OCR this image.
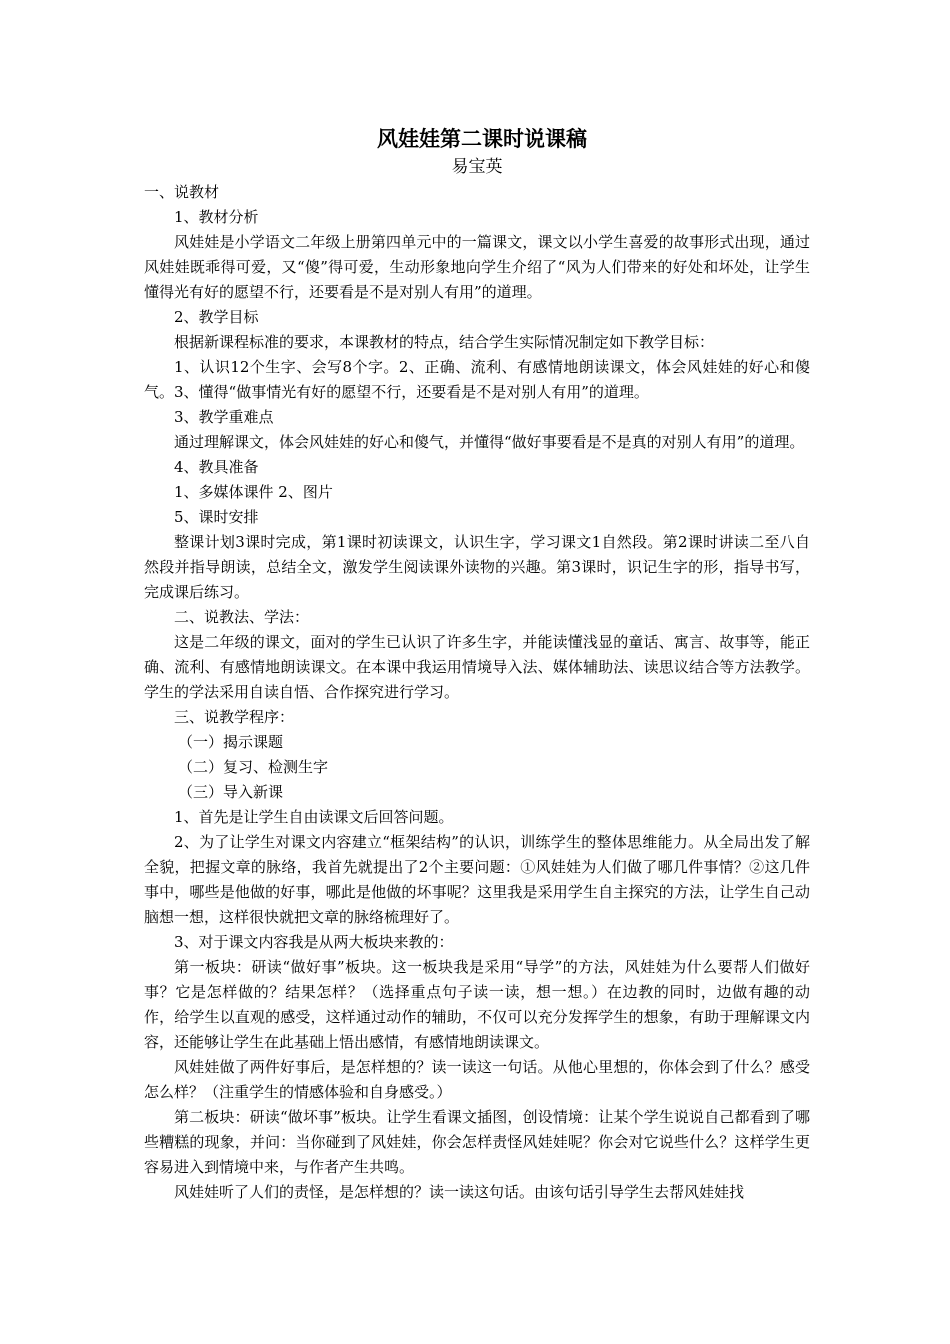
风娃娃第二课时说课稿

易宝英

一、说教材

1、教材分析

风娃娃是小学语文二年级上册第四单元中的一篇课文，课文以小学生喜爱的故事形式出现，通过风娃娃既乖得可爱，又“傻”得可爱，生动形象地向学生介绍了“风为人们带来的好处和坏处，让学生懂得光有好的愿望不行，还要看是不是对别人有用”的道理。

2、教学目标

根据新课程标准的要求，本课教材的特点，结合学生实际情况制定如下教学目标：

1、认识12个生字、会写8个字。2、正确、流利、有感情地朗读课文，体会风娃娃的好心和傻气。3、懂得“做事情光有好的愿望不行，还要看是不是对别人有用”的道理。

3、教学重难点

通过理解课文，体会风娃娃的好心和傻气，并懂得“做好事要看是不是真的对别人有用”的道理。

4、教具准备

1、多媒体课件 2、图片

5、课时安排

整课计划3课时完成，第1课时初读课文，认识生字，学习课文1自然段。第2课时讲读二至八自然段并指导朗读，总结全文，激发学生阅读课外读物的兴趣。第3课时，识记生字的形，指导书写，完成课后练习。

二、说教法、学法：

这是二年级的课文，面对的学生已认识了许多生字，并能读懂浅显的童话、寓言、故事等，能正确、流利、有感情地朗读课文。在本课中我运用情境导入法、媒体辅助法、读思议结合等方法教学。学生的学法采用自读自悟、合作探究进行学习。

三、说教学程序：

（一）揭示课题

（二）复习、检测生字

（三）导入新课

1、首先是让学生自由读课文后回答问题。

2、为了让学生对课文内容建立“框架结构”的认识，训练学生的整体思维能力。从全局出发了解全貌，把握文章的脉络，我首先就提出了2个主要问题：①风娃娃为人们做了哪几件事情？②这几件事中，哪些是他做的好事，哪此是他做的坏事呢？这里我是采用学生自主探究的方法，让学生自己动脑想一想，这样很快就把文章的脉络梳理好了。

3、对于课文内容我是从两大板块来教的：

第一板块：研读“做好事”板块。这一板块我是采用“导学”的方法，风娃娃为什么要帮人们做好事？它是怎样做的？结果怎样？（选择重点句子读一读，想一想。）在边教的同时，边做有趣的动作，给学生以直观的感受，这样通过动作的辅助，不仅可以充分发挥学生的想象，有助于理解课文内容，还能够让学生在此基础上悟出感情，有感情地朗读课文。

风娃娃做了两件好事后，是怎样想的？读一读这一句话。从他心里想的，你体会到了什么？感受怎么样？（注重学生的情感体验和自身感受。）

第二板块：研读“做坏事”板块。让学生看课文插图，创设情境：让某个学生说说自己都看到了哪些糟糕的现象，并问：当你碰到了风娃娃，你会怎样责怪风娃娃呢？你会对它说些什么？这样学生更容易进入到情境中来，与作者产生共鸣。

风娃娃听了人们的责怪，是怎样想的？读一读这句话。由该句话引导学生去帮风娃娃找
